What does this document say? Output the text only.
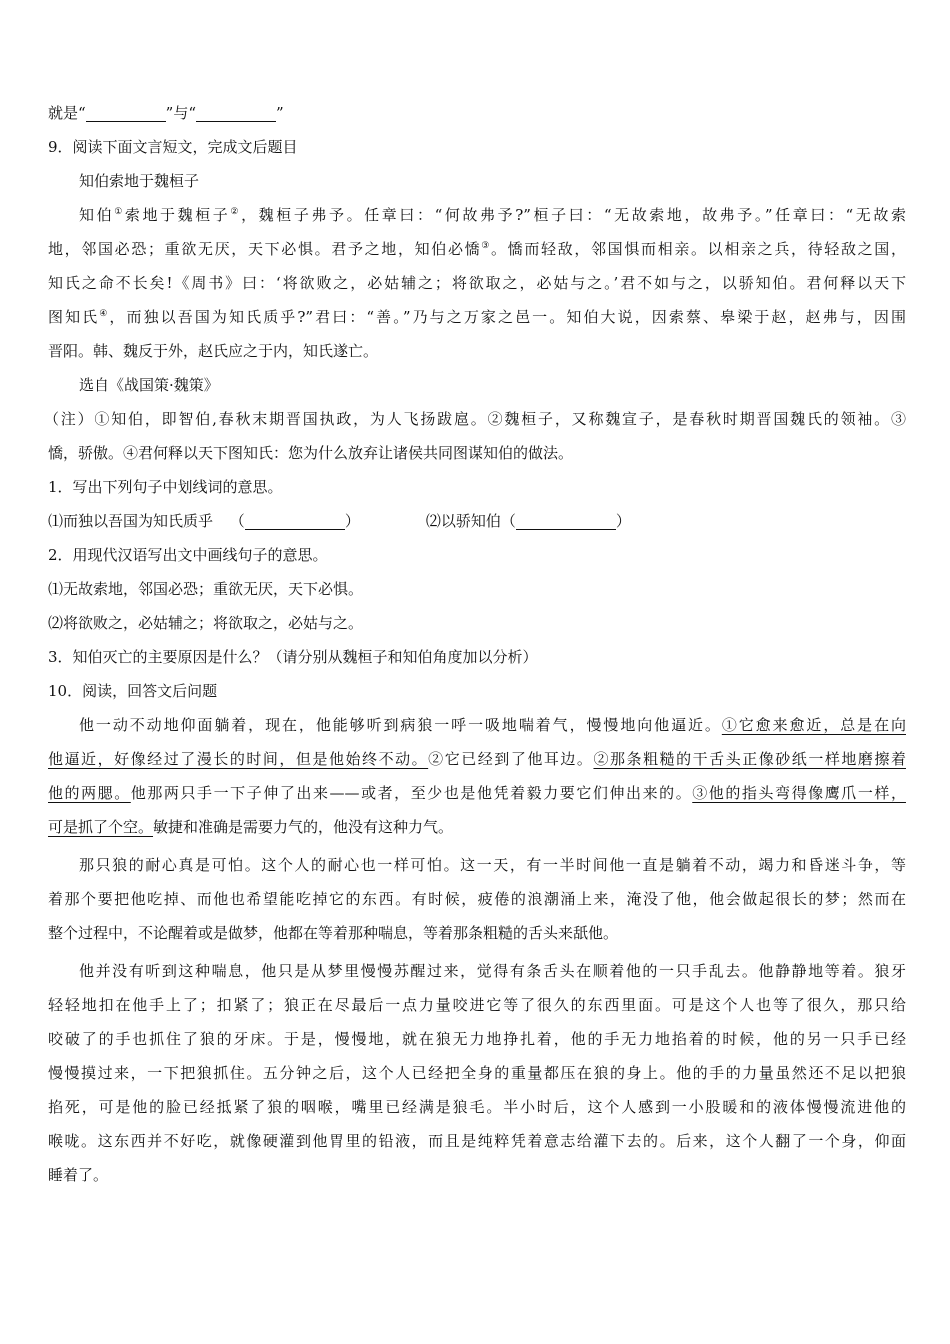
就是“	”与“	”
9．阅读下面文言短文，完成文后题目
知伯索地于魏桓子
知伯①索地于魏桓子②，魏桓子弗予。任章曰：“何故弗予?”桓子曰：“无故索地，故弗予。”任章曰：“无故索
地，邻国必恐；重欲无厌，天下必惧。君予之地，知伯必憍③。憍而轻敌，邻国惧而相亲。以相亲之兵，待轻敌之国，
知氏之命不长矣!《周书》曰：‘将欲败之，必姑辅之；将欲取之，必姑与之。’君不如与之，以骄知伯。君何释以天下
图知氏④，而独以吾国为知氏质乎?”君曰：“善。”乃与之万家之邑一。知伯大说，因索蔡、皋梁于赵，赵弗与，因围
晋阳。韩、魏反于外，赵氏应之于内，知氏遂亡。
选自《战国策·魏策》
（注）①知伯，即智伯,春秋末期晋国执政，为人飞扬跋扈。②魏桓子，又称魏宣子，是春秋时期晋国魏氏的领袖。③
憍，骄傲。④君何释以天下图知氏：您为什么放弃让诸侯共同图谋知伯的做法。
1．写出下列句子中划线词的意思。
⑴而独以吾国为知氏质乎 （	）	⑵以骄知伯（	）
2．用现代汉语写出文中画线句子的意思。
⑴无故索地，邻国必恐；重欲无厌，天下必惧。
⑵将欲败之，必姑辅之；将欲取之，必姑与之。
3．知伯灭亡的主要原因是什么？（请分别从魏桓子和知伯角度加以分析）
10．阅读，回答文后问题
他一动不动地仰面躺着，现在，他能够听到病狼一呼一吸地喘着气，慢慢地向他逼近。①它愈来愈近，总是在向
他逼近，好像经过了漫长的时间，但是他始终不动。②它已经到了他耳边。②那条粗糙的干舌头正像砂纸一样地磨擦着
他的两腮。他那两只手一下子伸了出来——或者，至少也是他凭着毅力要它们伸出来的。③他的指头弯得像鹰爪一样，
可是抓了个空。敏捷和准确是需要力气的，他没有这种力气。
那只狼的耐心真是可怕。这个人的耐心也一样可怕。这一天，有一半时间他一直是躺着不动，竭力和昏迷斗争，等
着那个要把他吃掉、而他也希望能吃掉它的东西。有时候，疲倦的浪潮涌上来，淹没了他，他会做起很长的梦；然而在
整个过程中，不论醒着或是做梦，他都在等着那种喘息，等着那条粗糙的舌头来舐他。
他并没有听到这种喘息，他只是从梦里慢慢苏醒过来，觉得有条舌头在顺着他的一只手乱去。他静静地等着。狼牙
轻轻地扣在他手上了；扣紧了；狼正在尽最后一点力量咬进它等了很久的东西里面。可是这个人也等了很久，那只给
咬破了的手也抓住了狼的牙床。于是，慢慢地，就在狼无力地挣扎着，他的手无力地掐着的时候，他的另一只手已经
慢慢摸过来，一下把狼抓住。五分钟之后，这个人已经把全身的重量都压在狼的身上。他的手的力量虽然还不足以把狼
掐死，可是他的脸已经抵紧了狼的咽喉，嘴里已经满是狼毛。半小时后，这个人感到一小股暖和的液体慢慢流进他的
喉咙。这东西并不好吃，就像硬灌到他胃里的铅液，而且是纯粹凭着意志给灌下去的。后来，这个人翻了一个身，仰面
睡着了。
